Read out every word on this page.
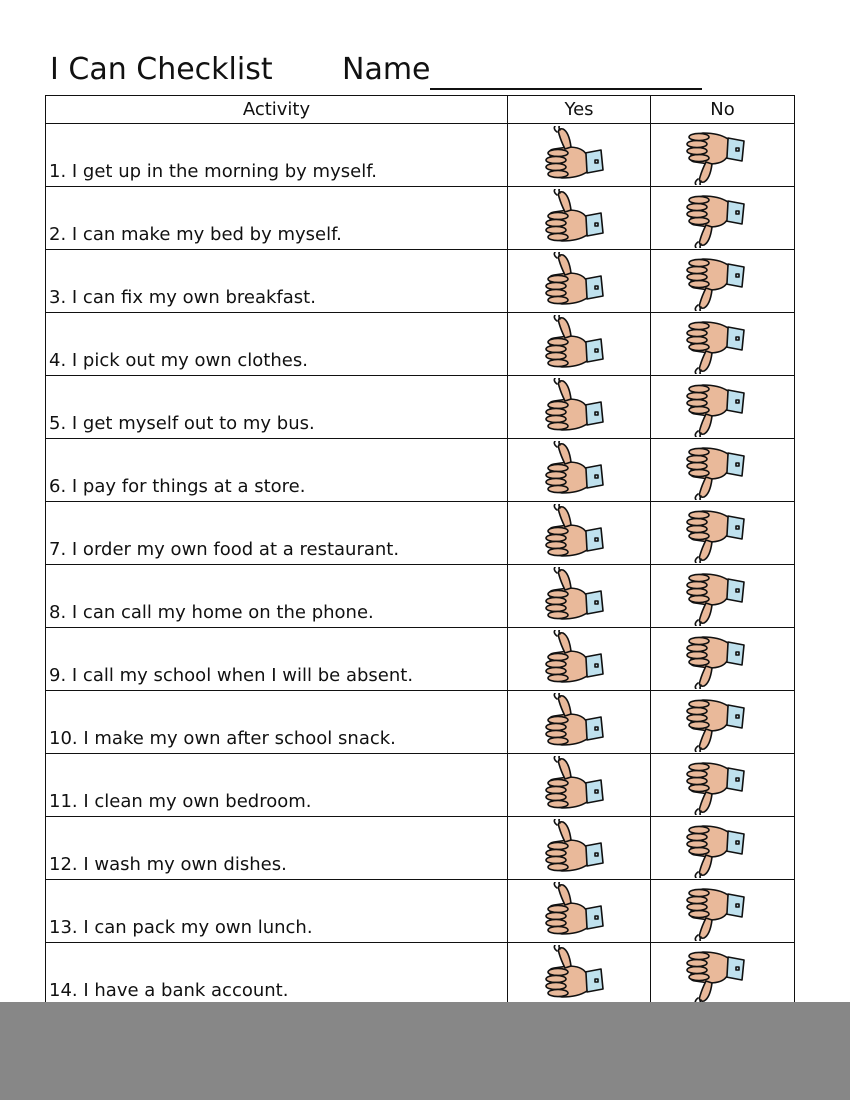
I Can Checklist Name
Activity	Yes	No
1. I get up in the morning by myself.
2. I can make my bed by myself.
3. I can fix my own breakfast.
4. I pick out my own clothes.
5. I get myself out to my bus.
6. I pay for things at a store.
7. I order my own food at a restaurant.
8. I can call my home on the phone.
9. I call my school when I will be absent.
10. I make my own after school snack.
11. I clean my own bedroom.
12. I wash my own dishes.
13. I can pack my own lunch.
14. I have a bank account.
